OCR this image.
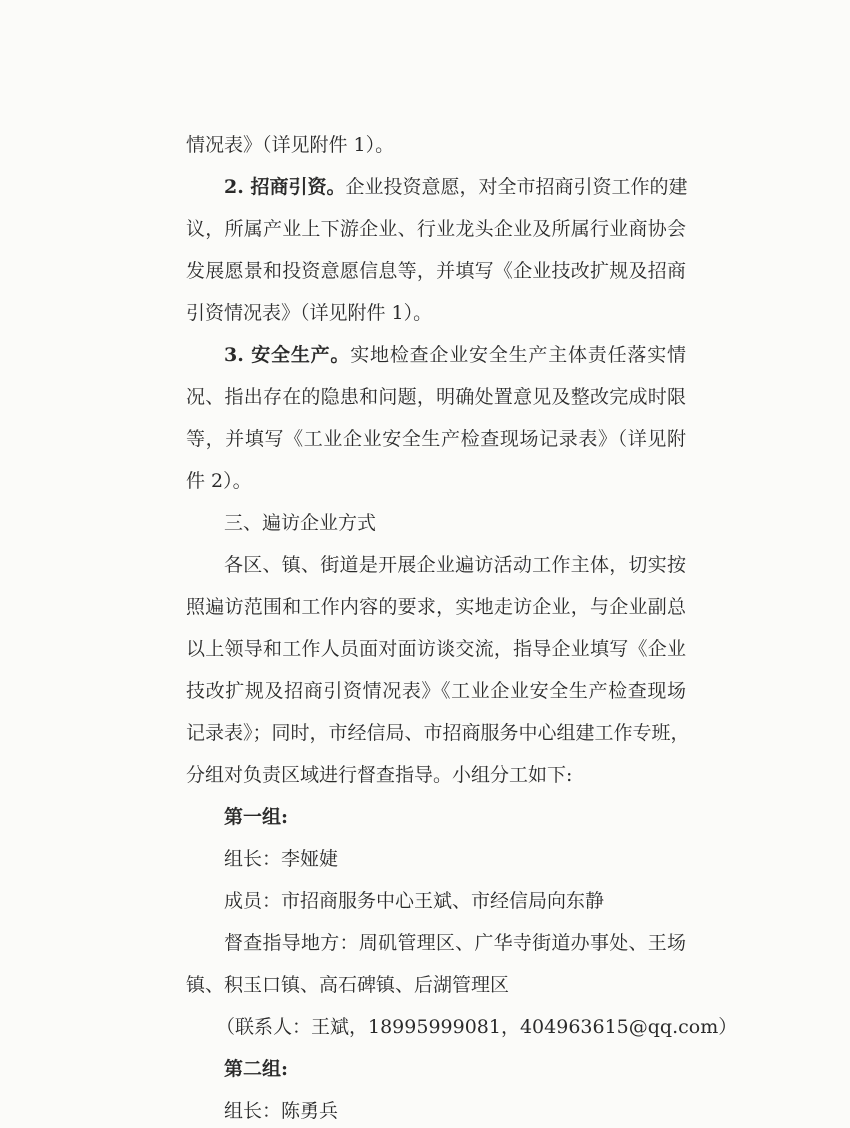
情况表》（详见附件 1）。
2. 招商引资。企业投资意愿，对全市招商引资工作的建
议，所属产业上下游企业、行业龙头企业及所属行业商协会
发展愿景和投资意愿信息等，并填写《企业技改扩规及招商
引资情况表》（详见附件 1）。
3. 安全生产。实地检查企业安全生产主体责任落实情
况、指出存在的隐患和问题，明确处置意见及整改完成时限
等，并填写《工业企业安全生产检查现场记录表》（详见附
件 2）。
三、遍访企业方式
各区、镇、街道是开展企业遍访活动工作主体，切实按
照遍访范围和工作内容的要求，实地走访企业，与企业副总
以上领导和工作人员面对面访谈交流，指导企业填写《企业
技改扩规及招商引资情况表》《工业企业安全生产检查现场
记录表》；同时，市经信局、市招商服务中心组建工作专班，
分组对负责区域进行督查指导。小组分工如下:
第一组:
组长：李娅婕
成员：市招商服务中心王斌、市经信局向东静
督查指导地方：周矶管理区、广华寺街道办事处、王场
镇、积玉口镇、高石碑镇、后湖管理区
（联系人：王斌，18995999081，404963615@qq.com）
第二组:
组长：陈勇兵
